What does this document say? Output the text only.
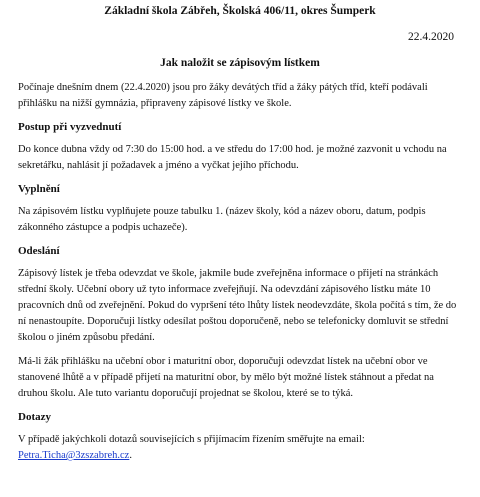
Základní škola Zábřeh, Školská 406/11, okres Šumperk
22.4.2020
Jak naložit se zápisovým lístkem

Počínaje dnešním dnem (22.4.2020) jsou pro žáky devátých tříd a žáky pátých tříd, kteří podávali přihlášku na nižší gymnázia, připraveny zápisové lístky ve škole.

Postup při vyzvednutí

Do konce dubna vždy od 7:30 do 15:00 hod. a ve středu do 17:00 hod. je možné zazvonit u vchodu na sekretářku, nahlásit jí požadavek a jméno a vyčkat jejího příchodu.

Vyplnění

Na zápisovém lístku vyplňujete pouze tabulku 1. (název školy, kód a název oboru, datum, podpis zákonného zástupce a podpis uchazeče).

Odeslání

Zápisový lístek je třeba odevzdat ve škole, jakmile bude zveřejněna informace o přijetí na stránkách střední školy. Učební obory už tyto informace zveřejňují. Na odevzdání zápisového lístku máte 10 pracovních dnů od zveřejnění. Pokud do vypršení této lhůty lístek neodevzdáte, škola počítá s tím, že do ní nenastoupíte. Doporučuji lístky odesílat poštou doporučeně, nebo se telefonicky domluvit se střední školou o jiném způsobu předání.

Má-li žák přihlášku na učební obor i maturitní obor, doporučuji odevzdat lístek na učební obor ve stanovené lhůtě a v případě přijetí na maturitní obor, by mělo být možné lístek stáhnout a předat na druhou školu. Ale tuto variantu doporučují projednat se školou, které se to týká.

Dotazy

V případě jakýchkoli dotazů souvisejících s přijímacím řízením směřujte na email:
Petra.Ticha@3zszabreh.cz.
